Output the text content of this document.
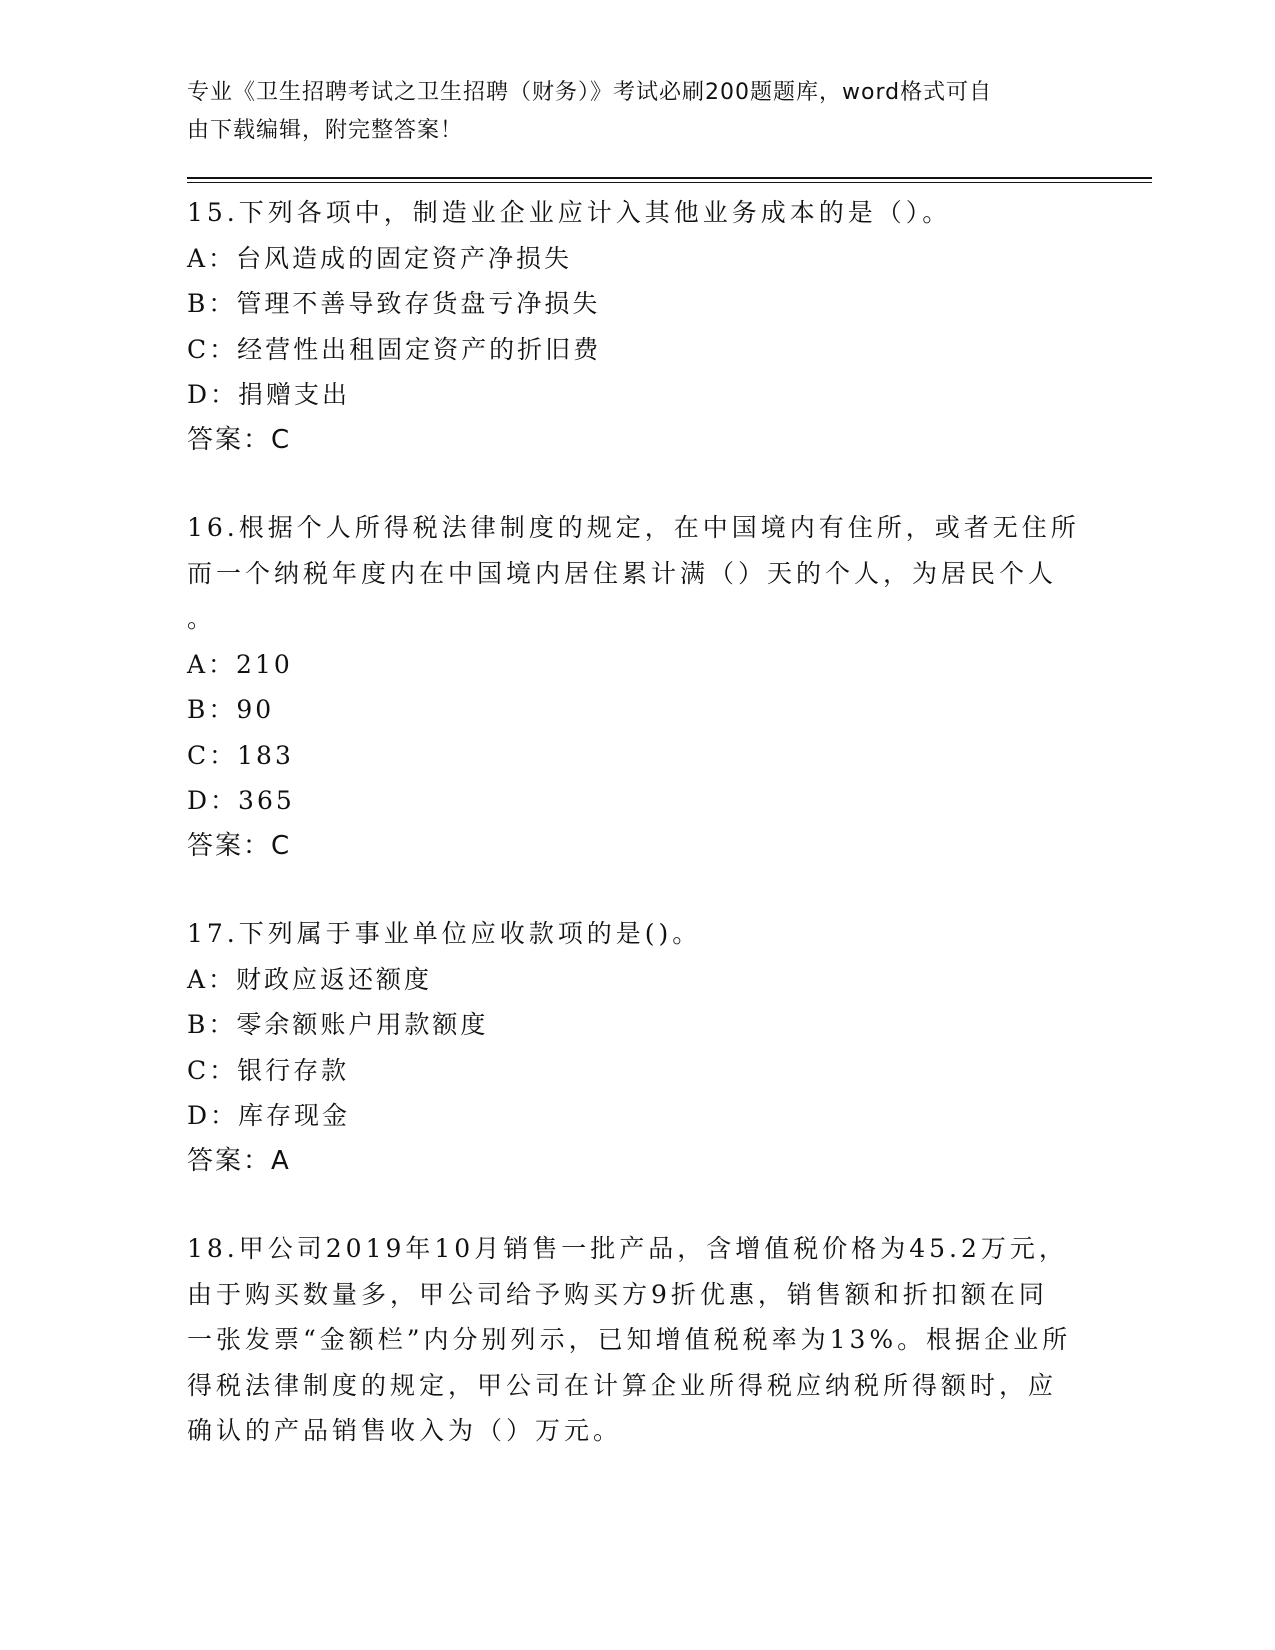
专业《卫生招聘考试之卫生招聘（财务）》考试必刷200题题库，word格式可自
由下载编辑，附完整答案！
15.下列各项中，制造业企业应计入其他业务成本的是（）。
A：台风造成的固定资产净损失
B：管理不善导致存货盘亏净损失
C：经营性出租固定资产的折旧费
D：捐赠支出
答案：C
16.根据个人所得税法律制度的规定，在中国境内有住所，或者无住所
而一个纳税年度内在中国境内居住累计满（）天的个人，为居民个人
。
A：210
B：90
C：183
D：365
答案：C
17.下列属于事业单位应收款项的是()。
A：财政应返还额度
B：零余额账户用款额度
C：银行存款
D：库存现金
答案：A
18.甲公司2019年10月销售一批产品，含增值税价格为45.2万元，
由于购买数量多，甲公司给予购买方9折优惠，销售额和折扣额在同
一张发票“金额栏”内分别列示，已知增值税税率为13%。根据企业所
得税法律制度的规定，甲公司在计算企业所得税应纳税所得额时，应
确认的产品销售收入为（）万元。
